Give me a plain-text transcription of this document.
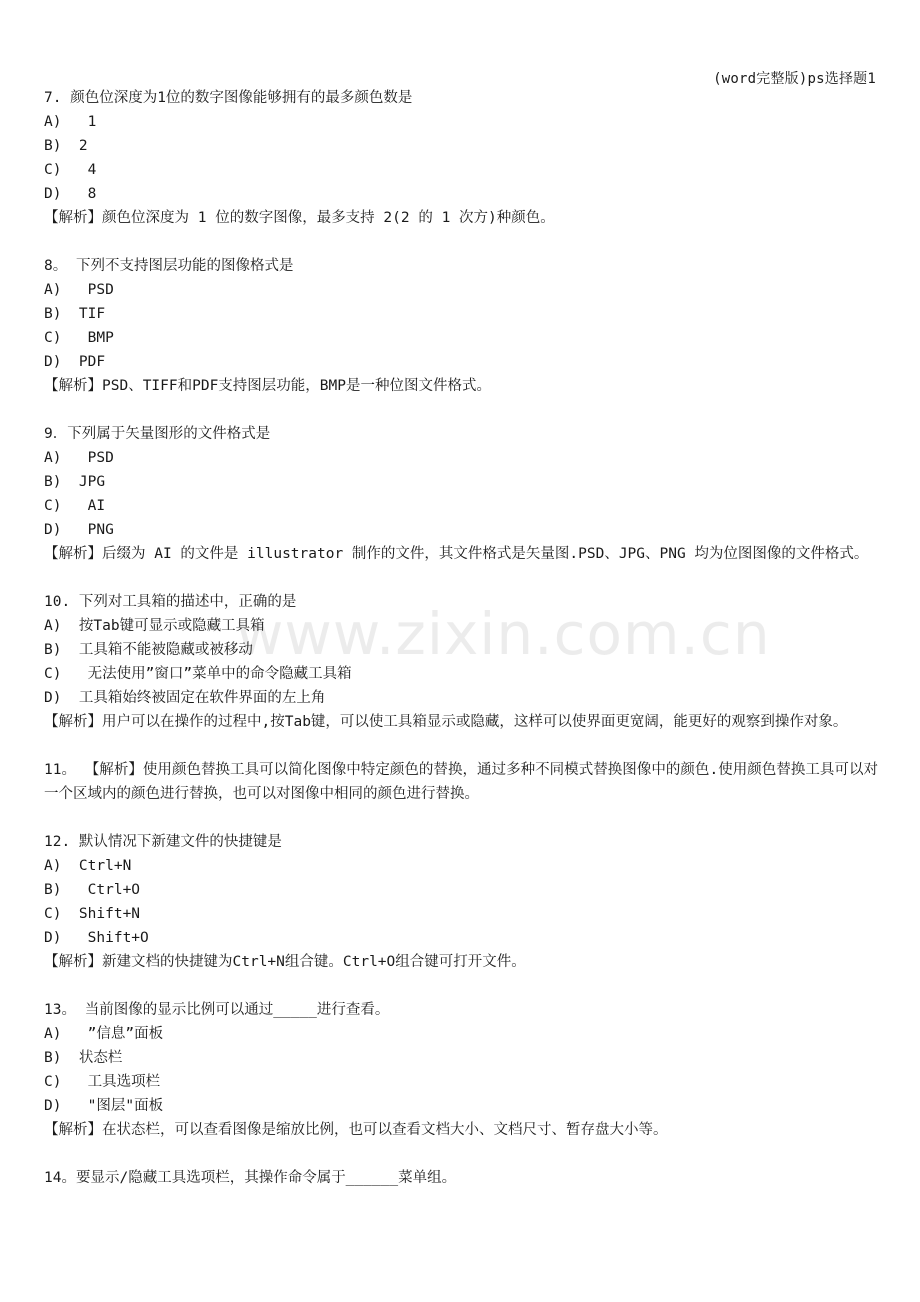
(word完整版)ps选择题1
www.zixin.com.cn
7. 颜色位深度为1位的数字图像能够拥有的最多颜色数是
A)   1
B)  2
C)   4
D)   8
【解析】颜色位深度为 1 位的数字图像，最多支持 2(2 的 1 次方)种颜色。
8。 下列不支持图层功能的图像格式是
A)   PSD
B)  TIF
C)   BMP
D)  PDF
【解析】PSD、TIFF和PDF支持图层功能，BMP是一种位图文件格式。
9．下列属于矢量图形的文件格式是
A)   PSD
B)  JPG
C)   AI
D)   PNG
【解析】后缀为 AI 的文件是 illustrator 制作的文件，其文件格式是矢量图.PSD、JPG、PNG 均为位图图像的文件格式。
10. 下列对工具箱的描述中，正确的是
A)  按Tab键可显示或隐藏工具箱
B)  工具箱不能被隐藏或被移动
C)   无法使用”窗口”菜单中的命令隐藏工具箱
D)  工具箱始终被固定在软件界面的左上角
【解析】用户可以在操作的过程中,按Tab键，可以使工具箱显示或隐藏，这样可以使界面更宽阔，能更好的观察到操作对象。
11。 【解析】使用颜色替换工具可以简化图像中特定颜色的替换，通过多种不同模式替换图像中的颜色.使用颜色替换工具可以对一个区域内的颜色进行替换，也可以对图像中相同的颜色进行替换。
12. 默认情况下新建文件的快捷键是
A)  Ctrl+N
B)   Ctrl+O
C)  Shift+N
D)   Shift+O
【解析】新建文档的快捷键为Ctrl+N组合键。Ctrl+O组合键可打开文件。
13。 当前图像的显示比例可以通过_____进行查看。
A)   ”信息”面板
B)  状态栏
C)   工具选项栏
D)   "图层"面板
【解析】在状态栏，可以查看图像是缩放比例，也可以查看文档大小、文档尺寸、暂存盘大小等。
14。要显示/隐藏工具选项栏，其操作命令属于______菜单组。
